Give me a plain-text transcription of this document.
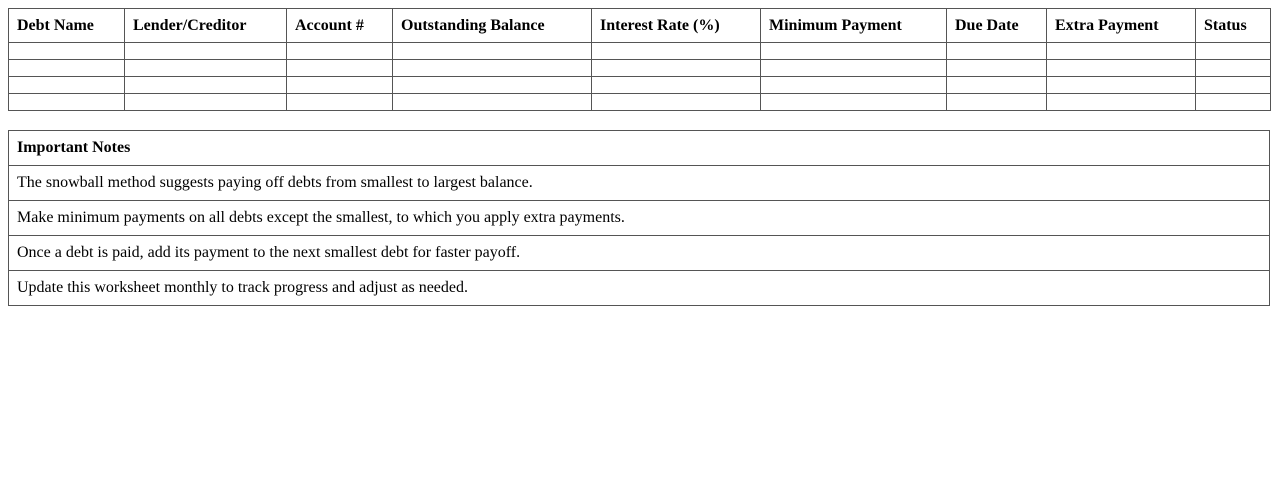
Debt Name	Lender/Creditor	Account #	Outstanding Balance	Interest Rate (%)	Minimum Payment	Due Date	Extra Payment	Status

Important Notes
The snowball method suggests paying off debts from smallest to largest balance.
Make minimum payments on all debts except the smallest, to which you apply extra payments.
Once a debt is paid, add its payment to the next smallest debt for faster payoff.
Update this worksheet monthly to track progress and adjust as needed.
